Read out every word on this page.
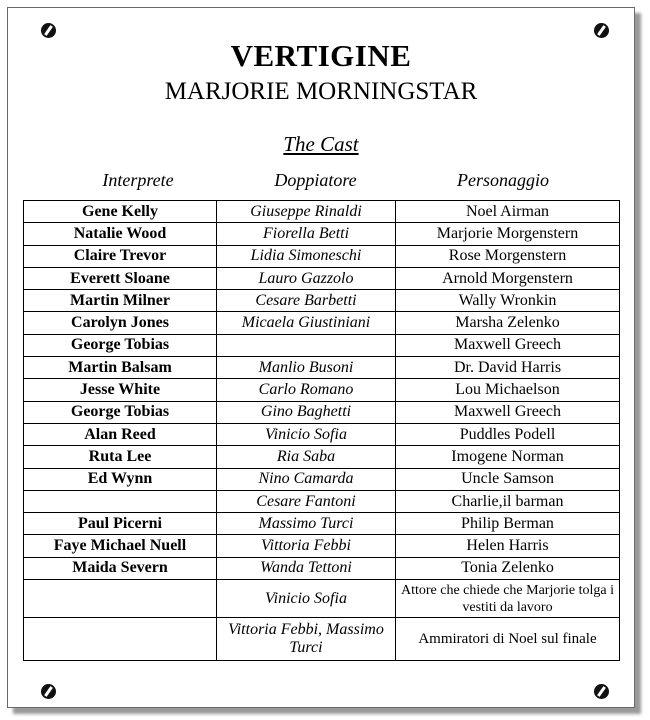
VERTIGINE
MARJORIE MORNINGSTAR
The Cast
Interprete	Doppiatore	Personaggio
Gene Kelly	Giuseppe Rinaldi	Noel Airman
Natalie Wood	Fiorella Betti	Marjorie Morgenstern
Claire Trevor	Lidia Simoneschi	Rose Morgenstern
Everett Sloane	Lauro Gazzolo	Arnold Morgenstern
Martin Milner	Cesare Barbetti	Wally Wronkin
Carolyn Jones	Micaela Giustiniani	Marsha Zelenko
George Tobias		Maxwell Greech
Martin Balsam	Manlio Busoni	Dr. David Harris
Jesse White	Carlo Romano	Lou Michaelson
George Tobias	Gino Baghetti	Maxwell Greech
Alan Reed	Vinicio Sofia	Puddles Podell
Ruta Lee	Ria Saba	Imogene Norman
Ed Wynn	Nino Camarda	Uncle Samson
	Cesare Fantoni	Charlie,il barman
Paul Picerni	Massimo Turci	Philip Berman
Faye Michael Nuell	Vittoria Febbi	Helen Harris
Maida Severn	Wanda Tettoni	Tonia Zelenko
	Vinicio Sofia	Attore che chiede che Marjorie tolga i vestiti da lavoro
	Vittoria Febbi, Massimo Turci	Ammiratori di Noel sul finale
